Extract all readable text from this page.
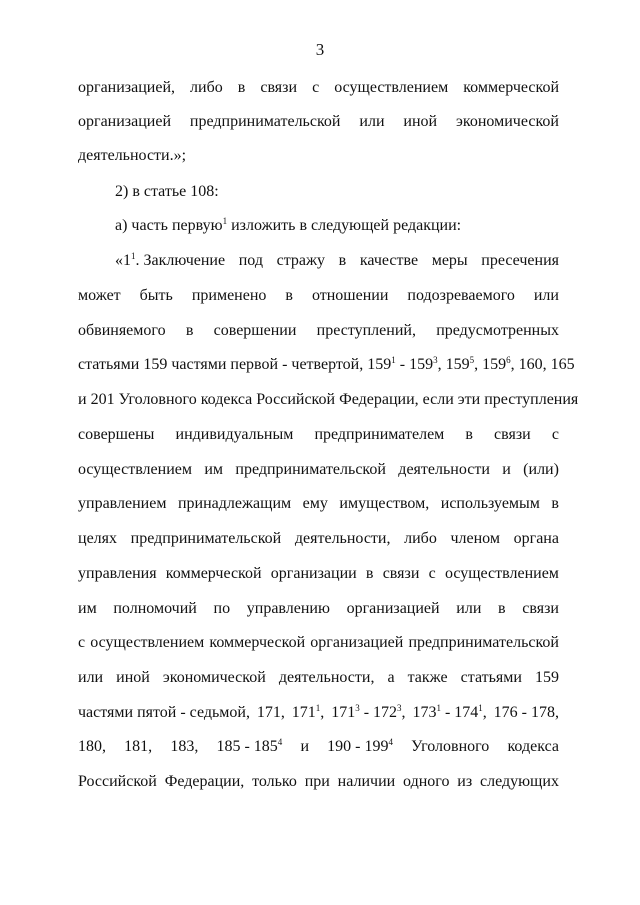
3
организацией, либо в связи с осуществлением коммерческой
организацией предпринимательской или иной экономической
деятельности.»;
2) в статье 108:
а) часть первую$^1$ изложить в следующей редакции:
«$1^1$. Заключение под стражу в качестве меры пресечения
может быть применено в отношении подозреваемого или
обвиняемого в совершении преступлений, предусмотренных
статьями 159 частями первой - четвертой, $159^1 - 159^3$, $159^5$, $159^6$, 160, 165
и 201 Уголовного кодекса Российской Федерации, если эти преступления
совершены индивидуальным предпринимателем в связи с
осуществлением им предпринимательской деятельности и (или)
управлением принадлежащим ему имуществом, используемым в
целях предпринимательской деятельности, либо членом органа
управления коммерческой организации в связи с осуществлением
им полномочий по управлению организацией или в связи
с осуществлением коммерческой организацией предпринимательской
или иной экономической деятельности, а также статьями 159
частями пятой - седьмой, 171, $171^1$, $171^3 - 172^3$, $173^1 - 174^1$, 176 - 178,
180, 181, 183, $185 - 185^4$ и $190 - 199^4$ Уголовного кодекса
Российской Федерации, только при наличии одного из следующих
